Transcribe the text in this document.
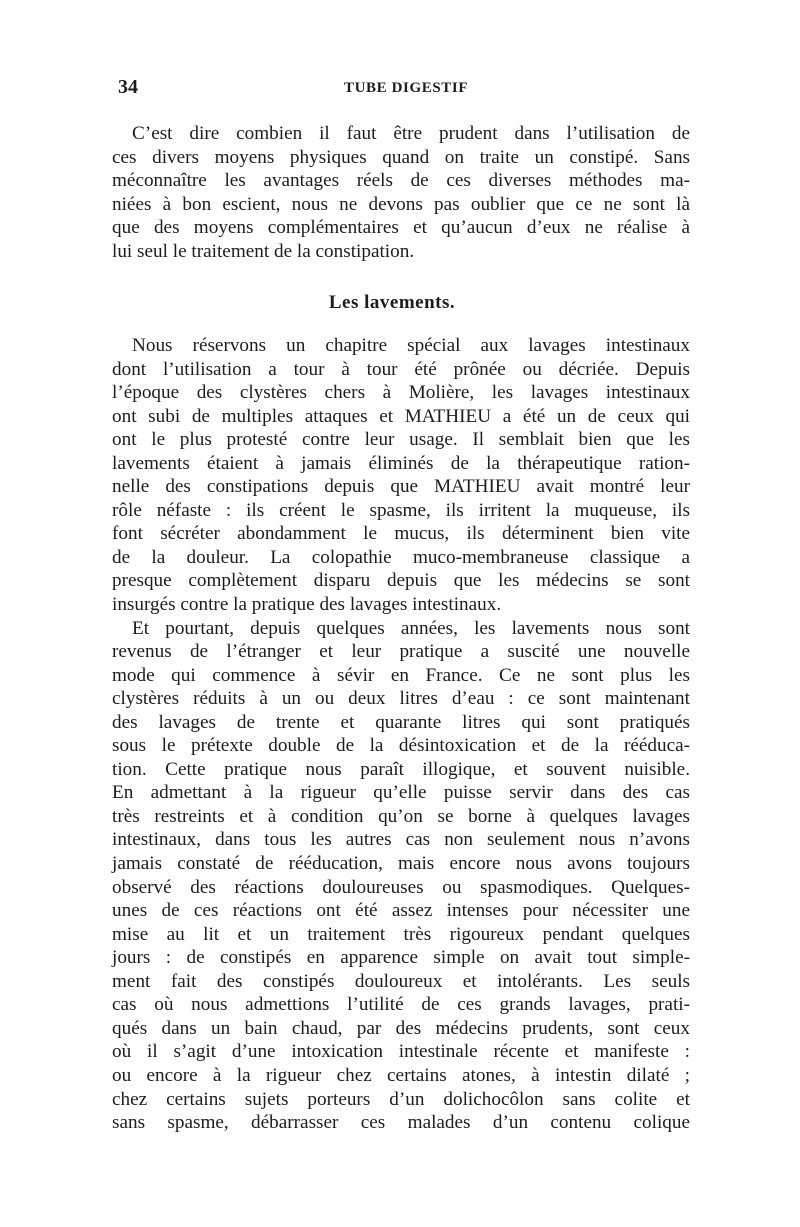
34	TUBE DIGESTIF
C’est dire combien il faut être prudent dans l’utilisation de
ces divers moyens physiques quand on traite un constipé. Sans
méconnaître les avantages réels de ces diverses méthodes ma-
niées à bon escient, nous ne devons pas oublier que ce ne sont là
que des moyens complémentaires et qu’aucun d’eux ne réalise à
lui seul le traitement de la constipation.
Les lavements.
Nous réservons un chapitre spécial aux lavages intestinaux
dont l’utilisation a tour à tour été prônée ou décriée. Depuis
l’époque des clystères chers à Molière, les lavages intestinaux
ont subi de multiples attaques et MATHIEU a été un de ceux qui
ont le plus protesté contre leur usage. Il semblait bien que les
lavements étaient à jamais éliminés de la thérapeutique ration-
nelle des constipations depuis que MATHIEU avait montré leur
rôle néfaste : ils créent le spasme, ils irritent la muqueuse, ils
font sécréter abondamment le mucus, ils déterminent bien vite
de la douleur. La colopathie muco-membraneuse classique a
presque complètement disparu depuis que les médecins se sont
insurgés contre la pratique des lavages intestinaux.
Et pourtant, depuis quelques années, les lavements nous sont
revenus de l’étranger et leur pratique a suscité une nouvelle
mode qui commence à sévir en France. Ce ne sont plus les
clystères réduits à un ou deux litres d’eau : ce sont maintenant
des lavages de trente et quarante litres qui sont pratiqués
sous le prétexte double de la désintoxication et de la rééduca-
tion. Cette pratique nous paraît illogique, et souvent nuisible.
En admettant à la rigueur qu’elle puisse servir dans des cas
très restreints et à condition qu’on se borne à quelques lavages
intestinaux, dans tous les autres cas non seulement nous n’avons
jamais constaté de rééducation, mais encore nous avons toujours
observé des réactions douloureuses ou spasmodiques. Quelques-
unes de ces réactions ont été assez intenses pour nécessiter une
mise au lit et un traitement très rigoureux pendant quelques
jours : de constipés en apparence simple on avait tout simple-
ment fait des constipés douloureux et intolérants. Les seuls
cas où nous admettions l’utilité de ces grands lavages, prati-
qués dans un bain chaud, par des médecins prudents, sont ceux
où il s’agit d’une intoxication intestinale récente et manifeste :
ou encore à la rigueur chez certains atones, à intestin dilaté ;
chez certains sujets porteurs d’un dolichocôlon sans colite et
sans spasme, débarrasser ces malades d’un contenu colique
